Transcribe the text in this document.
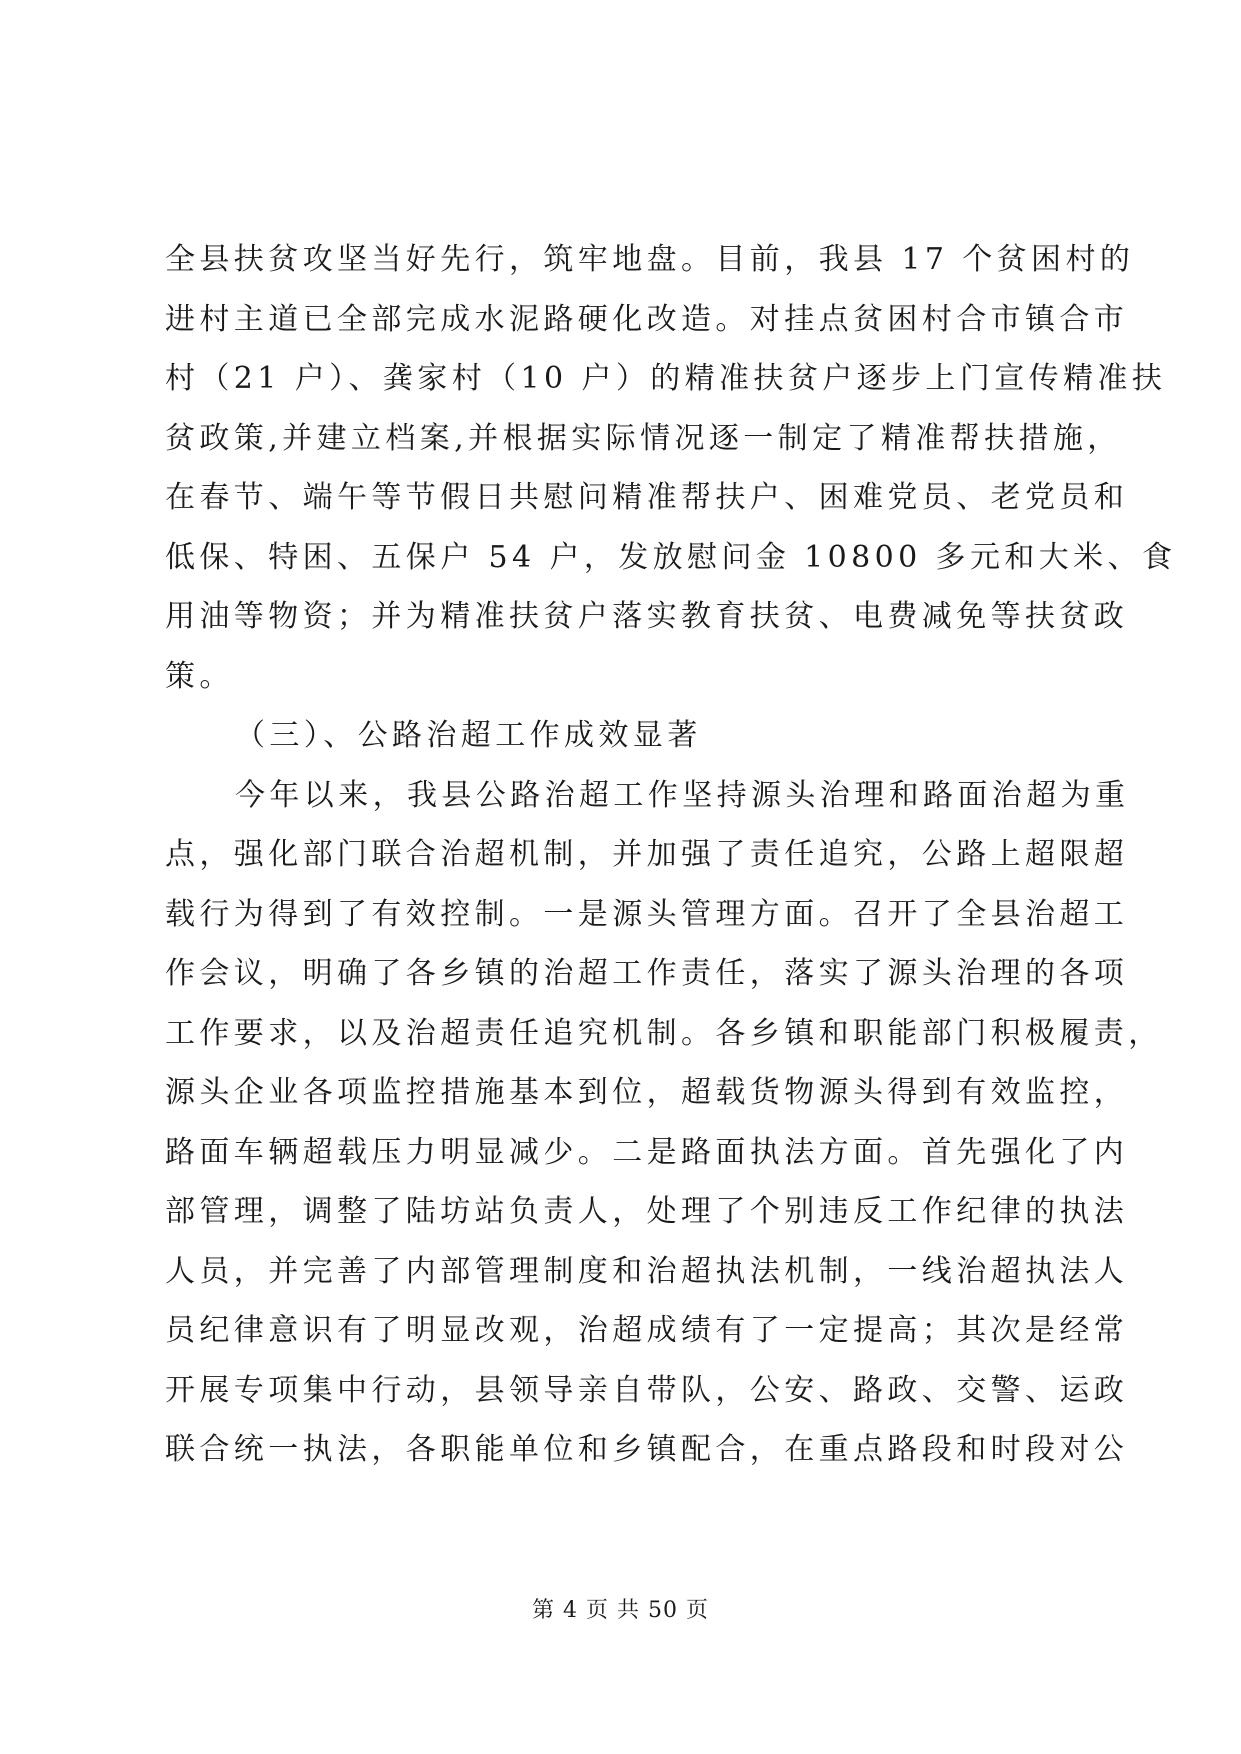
全县扶贫攻坚当好先行，筑牢地盘。目前，我县 17 个贫困村的
进村主道已全部完成水泥路硬化改造。对挂点贫困村合市镇合市
村（21 户）、龚家村（10 户）的精准扶贫户逐步上门宣传精准扶
贫政策,并建立档案,并根据实际情况逐一制定了精准帮扶措施，
在春节、端午等节假日共慰问精准帮扶户、困难党员、老党员和
低保、特困、五保户 54 户，发放慰问金 10800 多元和大米、食
用油等物资；并为精准扶贫户落实教育扶贫、电费减免等扶贫政
策。
（三）、公路治超工作成效显著
今年以来，我县公路治超工作坚持源头治理和路面治超为重
点，强化部门联合治超机制，并加强了责任追究，公路上超限超
载行为得到了有效控制。一是源头管理方面。召开了全县治超工
作会议，明确了各乡镇的治超工作责任，落实了源头治理的各项
工作要求，以及治超责任追究机制。各乡镇和职能部门积极履责，
源头企业各项监控措施基本到位，超载货物源头得到有效监控，
路面车辆超载压力明显减少。二是路面执法方面。首先强化了内
部管理，调整了陆坊站负责人，处理了个别违反工作纪律的执法
人员，并完善了内部管理制度和治超执法机制，一线治超执法人
员纪律意识有了明显改观，治超成绩有了一定提高；其次是经常
开展专项集中行动，县领导亲自带队，公安、路政、交警、运政
联合统一执法，各职能单位和乡镇配合，在重点路段和时段对公
第 4 页 共 50 页
